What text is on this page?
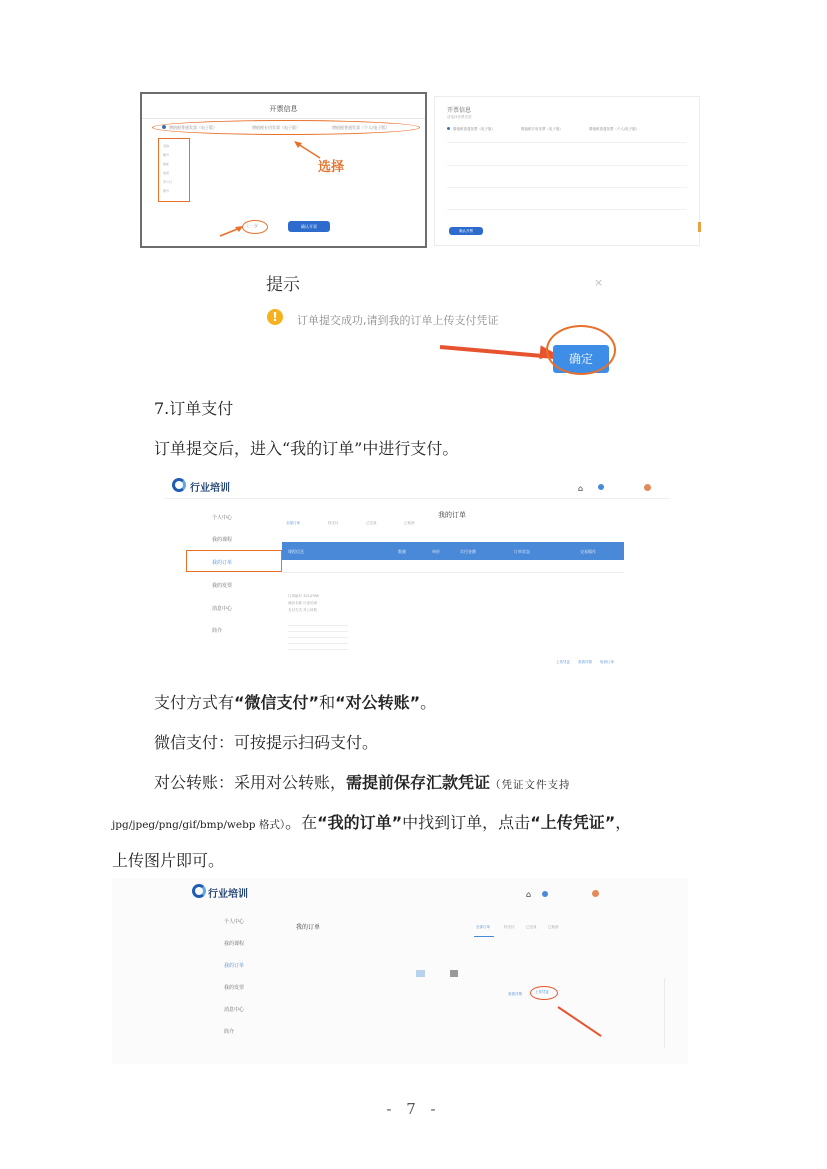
开票信息
增值税普通发票（电子版）	增值税专用发票（电子版）	增值税普通发票（个人/电子版）
名称
税号
地址
电话
开户行
账号
选择
上一步	确认开票
开票信息
请选择发票类型
增值税普通发票（电子版）	增值税专用发票（电子版）	增值税普通发票（个人/电子版）
确认开票
提示	×
!	订单提交成功,请到我的订单上传支付凭证
确定
7.订单支付
订单提交后，进入“我的订单”中进行支付。
行业培训	⌂
个人中心
我的课程
我的订单
我的发票
消息中心
简介
我的订单
全部订单	待支付	已完成	已取消
课程信息	数量	单价	实付金额	订单状态	交易操作
订单编号 3214768
商品名称 行业培训
支付方式 对公转账
上传凭证 查看详情 取消订单
支付方式有“微信支付”和“对公转账”。
微信支付：可按提示扫码支付。
对公转账：采用对公转账，需提前保存汇款凭证（凭证文件支持
jpg/jpeg/png/gif/bmp/webp 格式）。在“我的订单”中找到订单，点击“上传凭证”，
上传图片即可。
行业培训	⌂
个人中心
我的课程
我的订单
我的发票
消息中心
简介
我的订单	全部订单	待支付	已完成	已取消
查看详情	上传凭证
- 7 -
